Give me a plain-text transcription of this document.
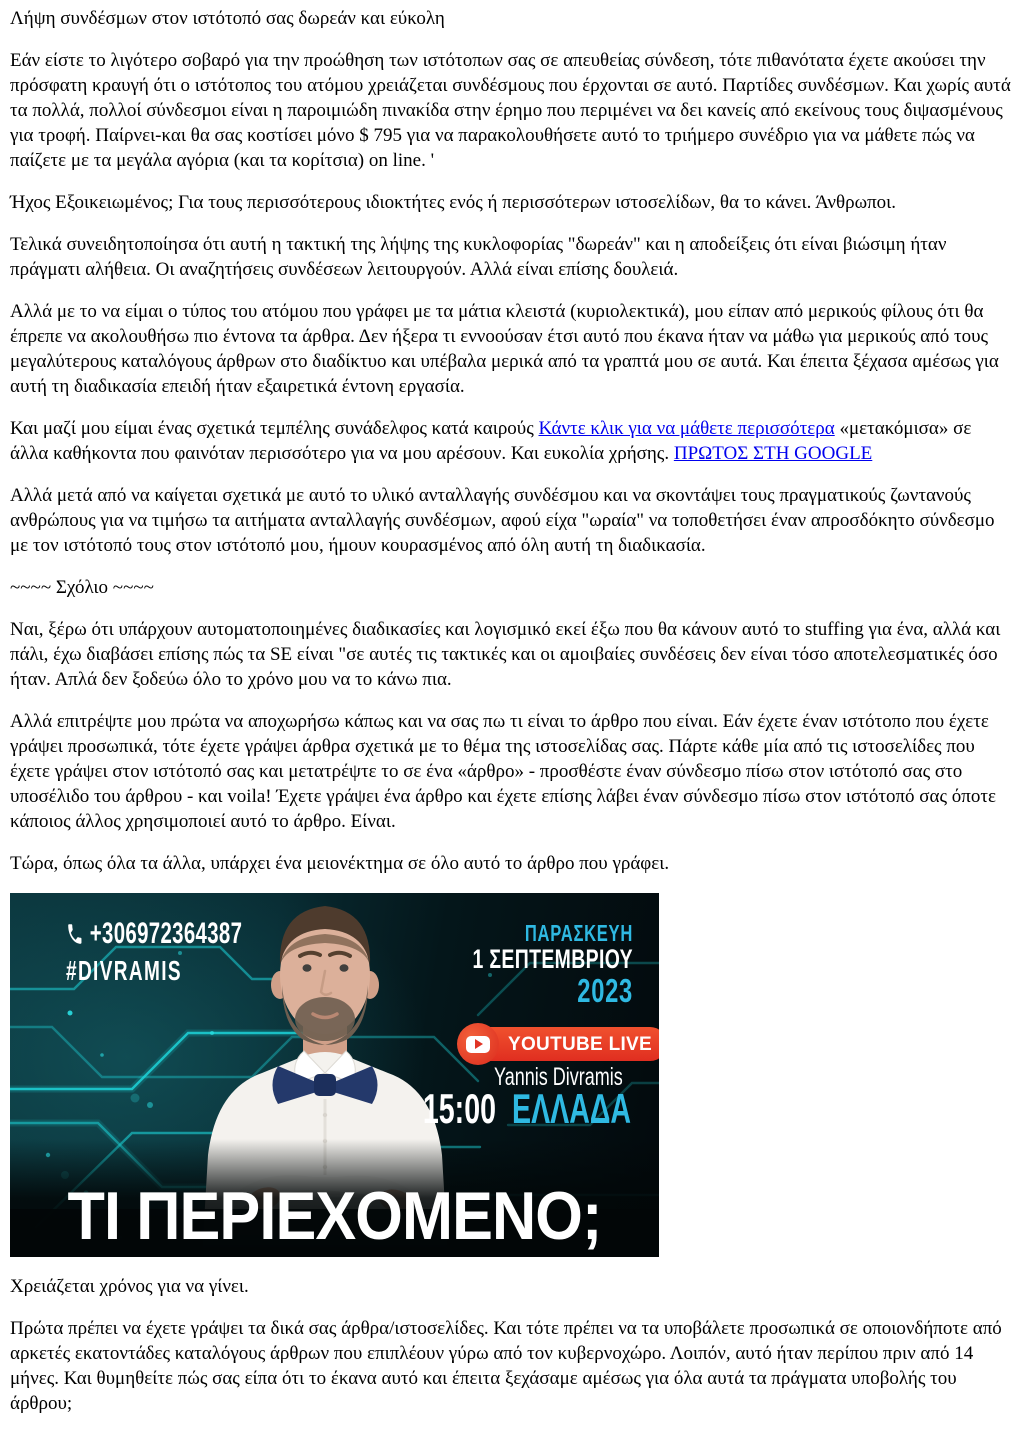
Λήψη συνδέσμων στον ιστότοπό σας δωρεάν και εύκολη

Εάν είστε το λιγότερο σοβαρό για την προώθηση των ιστότοπων σας σε απευθείας σύνδεση, τότε πιθανότατα έχετε ακούσει την πρόσφατη κραυγή ότι ο ιστότοπος του ατόμου χρειάζεται συνδέσμους που έρχονται σε αυτό. Παρτίδες συνδέσμων. Και χωρίς αυτά τα πολλά, πολλοί σύνδεσμοι είναι η παροιμιώδη πινακίδα στην έρημο που περιμένει να δει κανείς από εκείνους τους διψασμένους για τροφή. Παίρνει-και θα σας κοστίσει μόνο $ 795 για να παρακολουθήσετε αυτό το τριήμερο συνέδριο για να μάθετε πώς να παίζετε με τα μεγάλα αγόρια (και τα κορίτσια) on line. '

Ήχος Εξοικειωμένος; Για τους περισσότερους ιδιοκτήτες ενός ή περισσότερων ιστοσελίδων, θα το κάνει. Άνθρωποι.

Τελικά συνειδητοποίησα ότι αυτή η τακτική της λήψης της κυκλοφορίας "δωρεάν" και η αποδείξεις ότι είναι βιώσιμη ήταν πράγματι αλήθεια. Οι αναζητήσεις συνδέσεων λειτουργούν. Αλλά είναι επίσης δουλειά.

Αλλά με το να είμαι ο τύπος του ατόμου που γράφει με τα μάτια κλειστά (κυριολεκτικά), μου είπαν από μερικούς φίλους ότι θα έπρεπε να ακολουθήσω πιο έντονα τα άρθρα. Δεν ήξερα τι εννοούσαν έτσι αυτό που έκανα ήταν να μάθω για μερικούς από τους μεγαλύτερους καταλόγους άρθρων στο διαδίκτυο και υπέβαλα μερικά από τα γραπτά μου σε αυτά. Και έπειτα ξέχασα αμέσως για αυτή τη διαδικασία επειδή ήταν εξαιρετικά έντονη εργασία.

Και μαζί μου είμαι ένας σχετικά τεμπέλης συνάδελφος κατά καιρούς Κάντε κλικ για να μάθετε περισσότερα «μετακόμισα» σε άλλα καθήκοντα που φαινόταν περισσότερο για να μου αρέσουν. Και ευκολία χρήσης. ΠΡΩΤΟΣ ΣΤΗ GOOGLE

Αλλά μετά από να καίγεται σχετικά με αυτό το υλικό ανταλλαγής συνδέσμου και να σκοντάψει τους πραγματικούς ζωντανούς ανθρώπους για να τιμήσω τα αιτήματα ανταλλαγής συνδέσμων, αφού είχα "ωραία" να τοποθετήσει έναν απροσδόκητο σύνδεσμο με τον ιστότοπό τους στον ιστότοπό μου, ήμουν κουρασμένος από όλη αυτή τη διαδικασία.

~~~~ Σχόλιο ~~~~

Ναι, ξέρω ότι υπάρχουν αυτοματοποιημένες διαδικασίες και λογισμικό εκεί έξω που θα κάνουν αυτό το stuffing για ένα, αλλά και πάλι, έχω διαβάσει επίσης πώς τα SE είναι "σε αυτές τις τακτικές και οι αμοιβαίες συνδέσεις δεν είναι τόσο αποτελεσματικές όσο ήταν. Απλά δεν ξοδεύω όλο το χρόνο μου να το κάνω πια.

Αλλά επιτρέψτε μου πρώτα να αποχωρήσω κάπως και να σας πω τι είναι το άρθρο που είναι. Εάν έχετε έναν ιστότοπο που έχετε γράψει προσωπικά, τότε έχετε γράψει άρθρα σχετικά με το θέμα της ιστοσελίδας σας. Πάρτε κάθε μία από τις ιστοσελίδες που έχετε γράψει στον ιστότοπό σας και μετατρέψτε το σε ένα «άρθρο» - προσθέστε έναν σύνδεσμο πίσω στον ιστότοπό σας στο υποσέλιδο του άρθρου - και voila! Έχετε γράψει ένα άρθρο και έχετε επίσης λάβει έναν σύνδεσμο πίσω στον ιστότοπό σας όποτε κάποιος άλλος χρησιμοποιεί αυτό το άρθρο. Είναι.

Τώρα, όπως όλα τα άλλα, υπάρχει ένα μειονέκτημα σε όλο αυτό το άρθρο που γράφει.

+306972364387
#DIVRAMIS
ΠΑΡΑΣΚΕΥΗ
1 ΣΕΠΤΕΜΒΡΙΟΥ
2023
YOUTUBE LIVE
Yannis Divramis
15:00 ΕΛΛΑΔΑ
ΤΙ ΠΕΡΙΕΧΟΜΕΝΟ;

Χρειάζεται χρόνος για να γίνει.

Πρώτα πρέπει να έχετε γράψει τα δικά σας άρθρα/ιστοσελίδες. Και τότε πρέπει να τα υποβάλετε προσωπικά σε οποιονδήποτε από αρκετές εκατοντάδες καταλόγους άρθρων που επιπλέουν γύρω από τον κυβερνοχώρο. Λοιπόν, αυτό ήταν περίπου πριν από 14 μήνες. Και θυμηθείτε πώς σας είπα ότι το έκανα αυτό και έπειτα ξεχάσαμε αμέσως για όλα αυτά τα πράγματα υποβολής του άρθρου;
